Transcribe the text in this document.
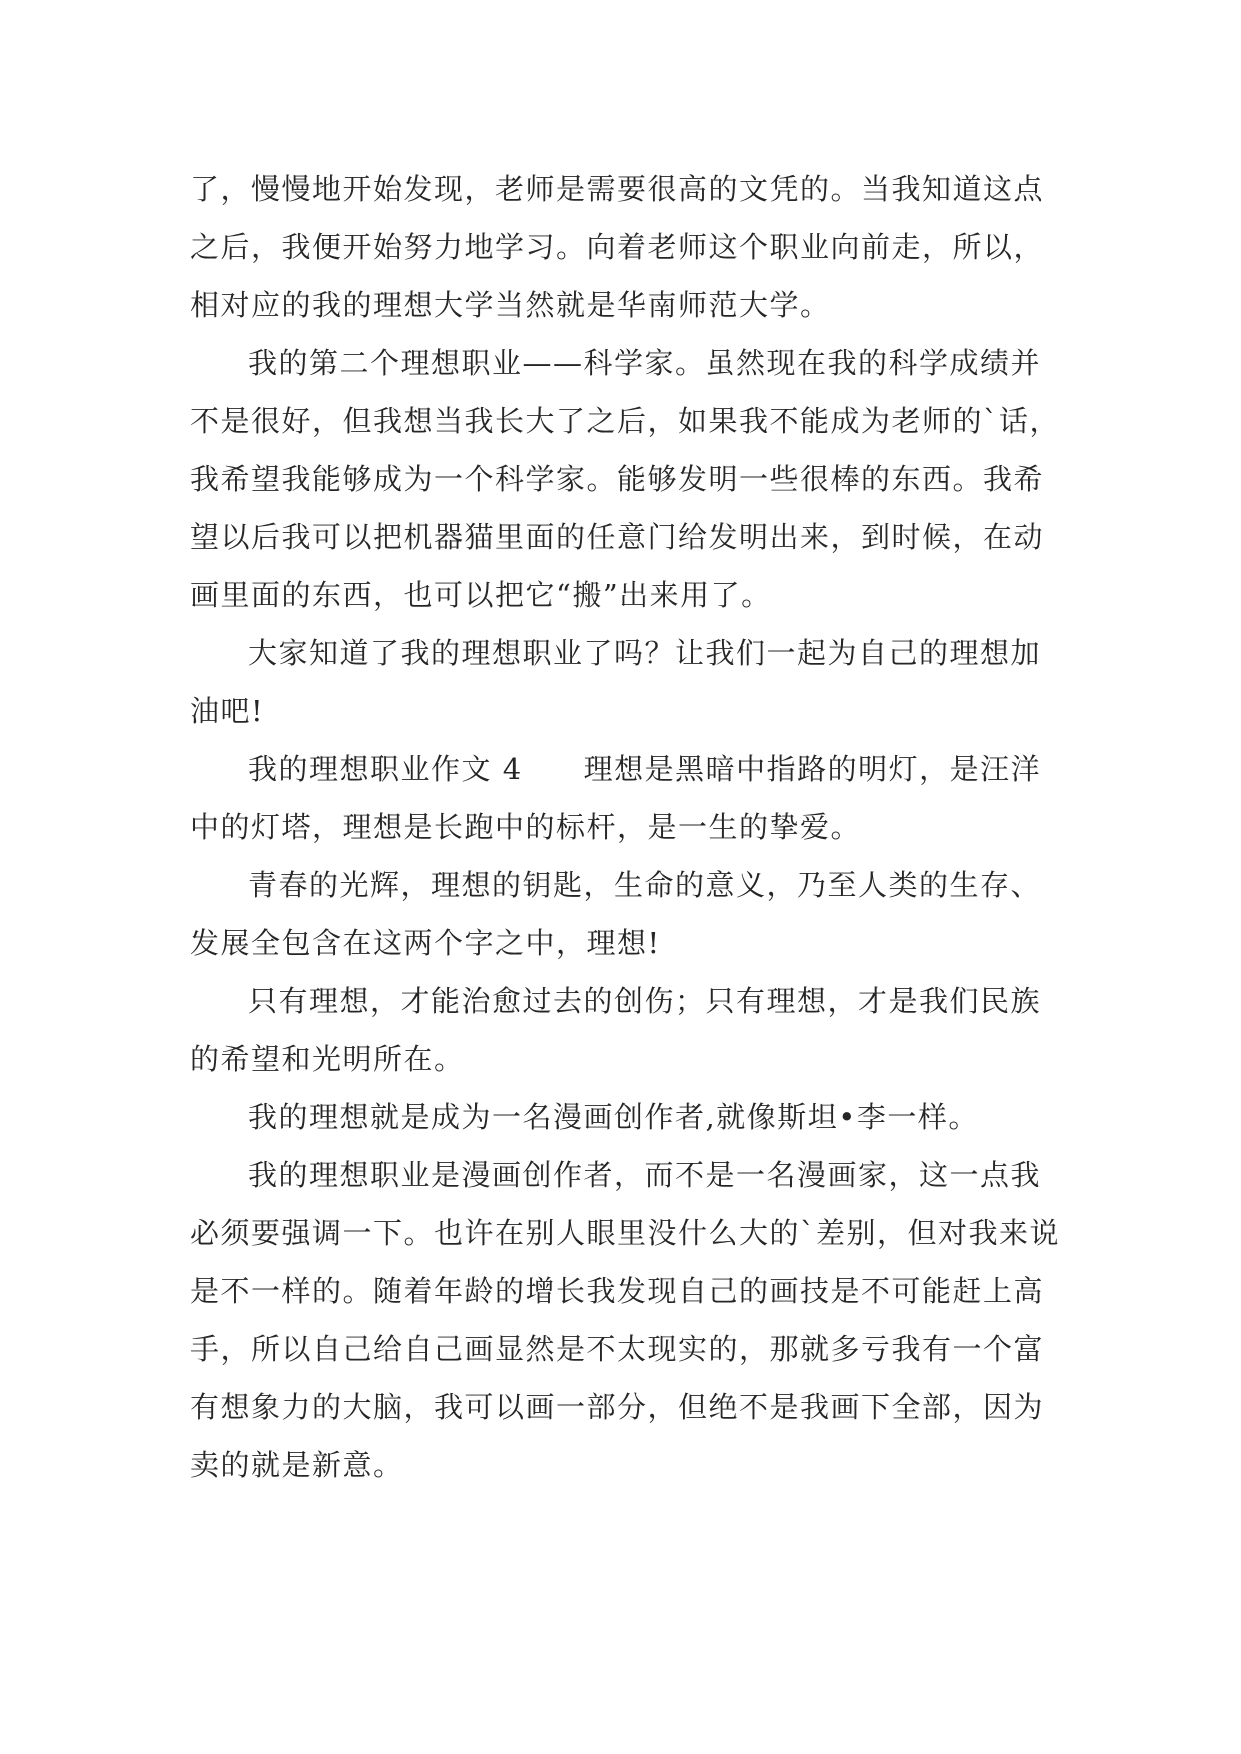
了，慢慢地开始发现，老师是需要很高的文凭的。当我知道这点之后，我便开始努力地学习。向着老师这个职业向前走，所以，相对应的我的理想大学当然就是华南师范大学。

我的第二个理想职业——科学家。虽然现在我的科学成绩并不是很好，但我想当我长大了之后，如果我不能成为老师的`话，我希望我能够成为一个科学家。能够发明一些很棒的东西。我希望以后我可以把机器猫里面的任意门给发明出来，到时候，在动画里面的东西，也可以把它“搬”出来用了。

大家知道了我的理想职业了吗？让我们一起为自己的理想加油吧!

我的理想职业作文 4　　理想是黑暗中指路的明灯，是汪洋中的灯塔，理想是长跑中的标杆，是一生的挚爱。

青春的光辉，理想的钥匙，生命的意义，乃至人类的生存、发展全包含在这两个字之中，理想!

只有理想，才能治愈过去的创伤；只有理想，才是我们民族的希望和光明所在。

我的理想就是成为一名漫画创作者,就像斯坦•李一样。

我的理想职业是漫画创作者，而不是一名漫画家，这一点我必须要强调一下。也许在别人眼里没什么大的`差别，但对我来说是不一样的。随着年龄的增长我发现自己的画技是不可能赶上高手，所以自己给自己画显然是不太现实的，那就多亏我有一个富有想象力的大脑，我可以画一部分，但绝不是我画下全部，因为卖的就是新意。
